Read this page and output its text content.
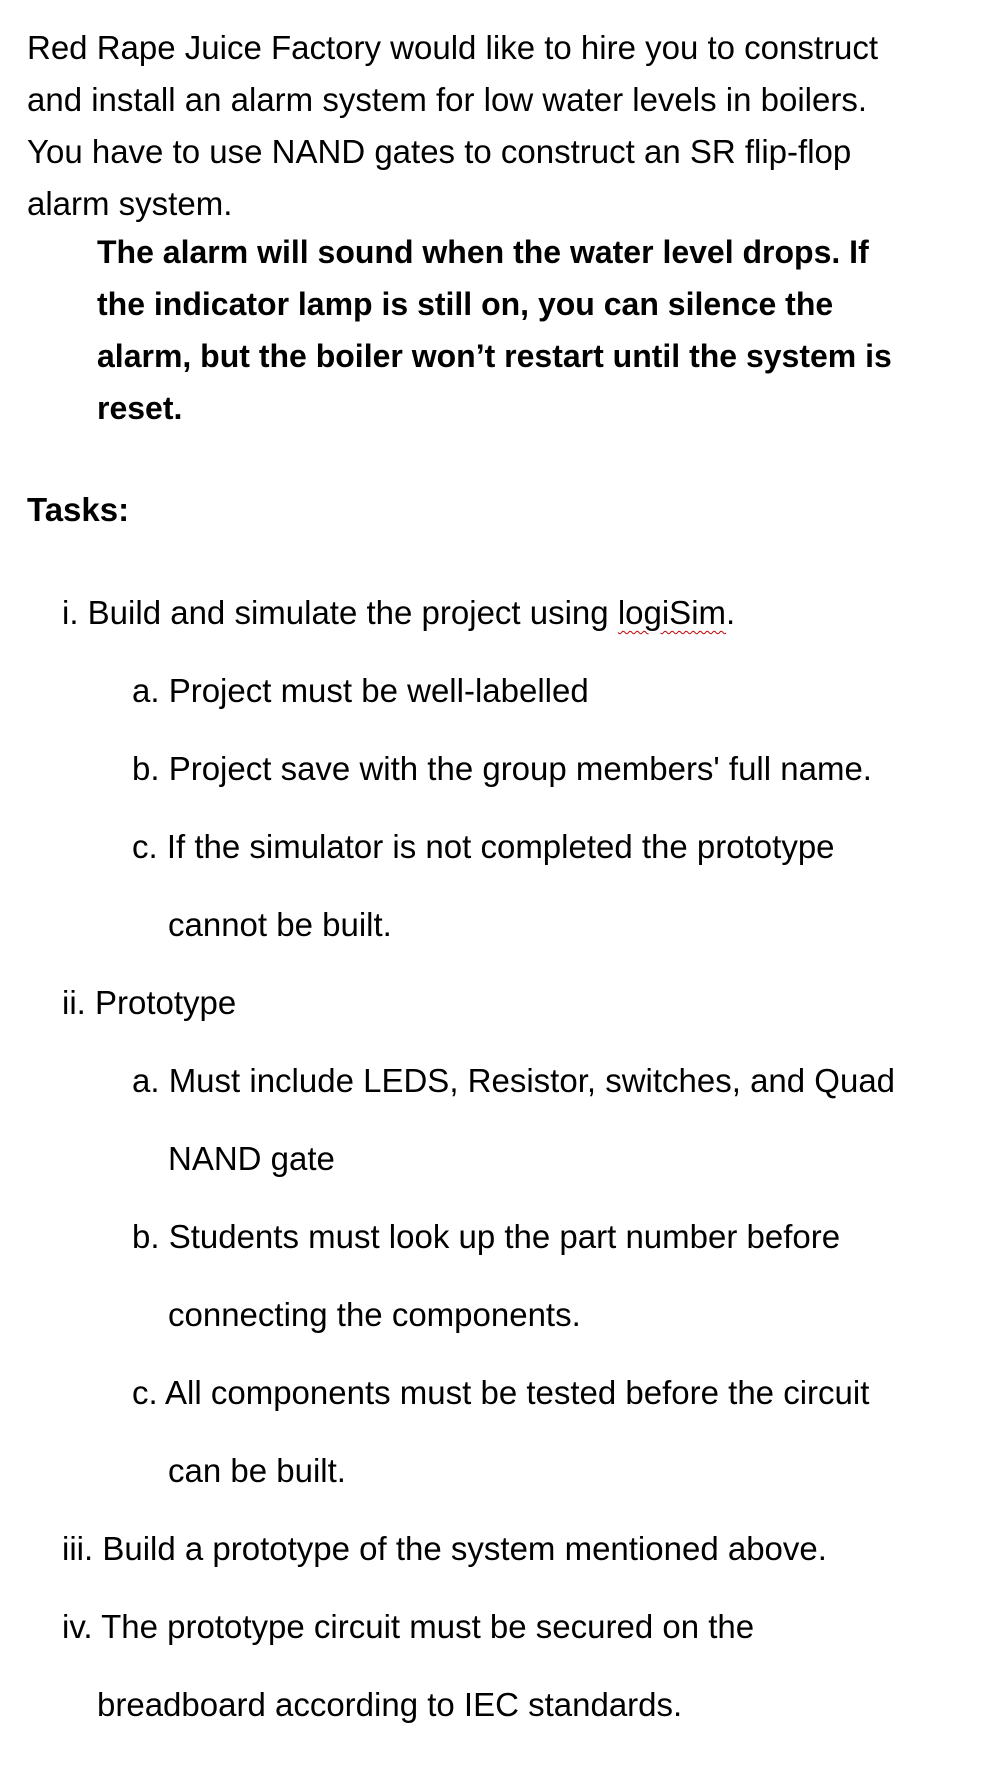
Red Rape Juice Factory would like to hire you to construct
and install an alarm system for low water levels in boilers.
You have to use NAND gates to construct an SR flip-flop
alarm system.

The alarm will sound when the water level drops. If
the indicator lamp is still on, you can silence the
alarm, but the boiler won’t restart until the system is
reset.

Tasks:

i. Build and simulate the project using logiSim.

a. Project must be well-labelled

b. Project save with the group members' full name.

c. If the simulator is not completed the prototype

cannot be built.

ii. Prototype

a. Must include LEDS, Resistor, switches, and Quad

NAND gate

b. Students must look up the part number before

connecting the components.

c. All components must be tested before the circuit

can be built.

iii. Build a prototype of the system mentioned above.

iv. The prototype circuit must be secured on the

breadboard according to IEC standards.
